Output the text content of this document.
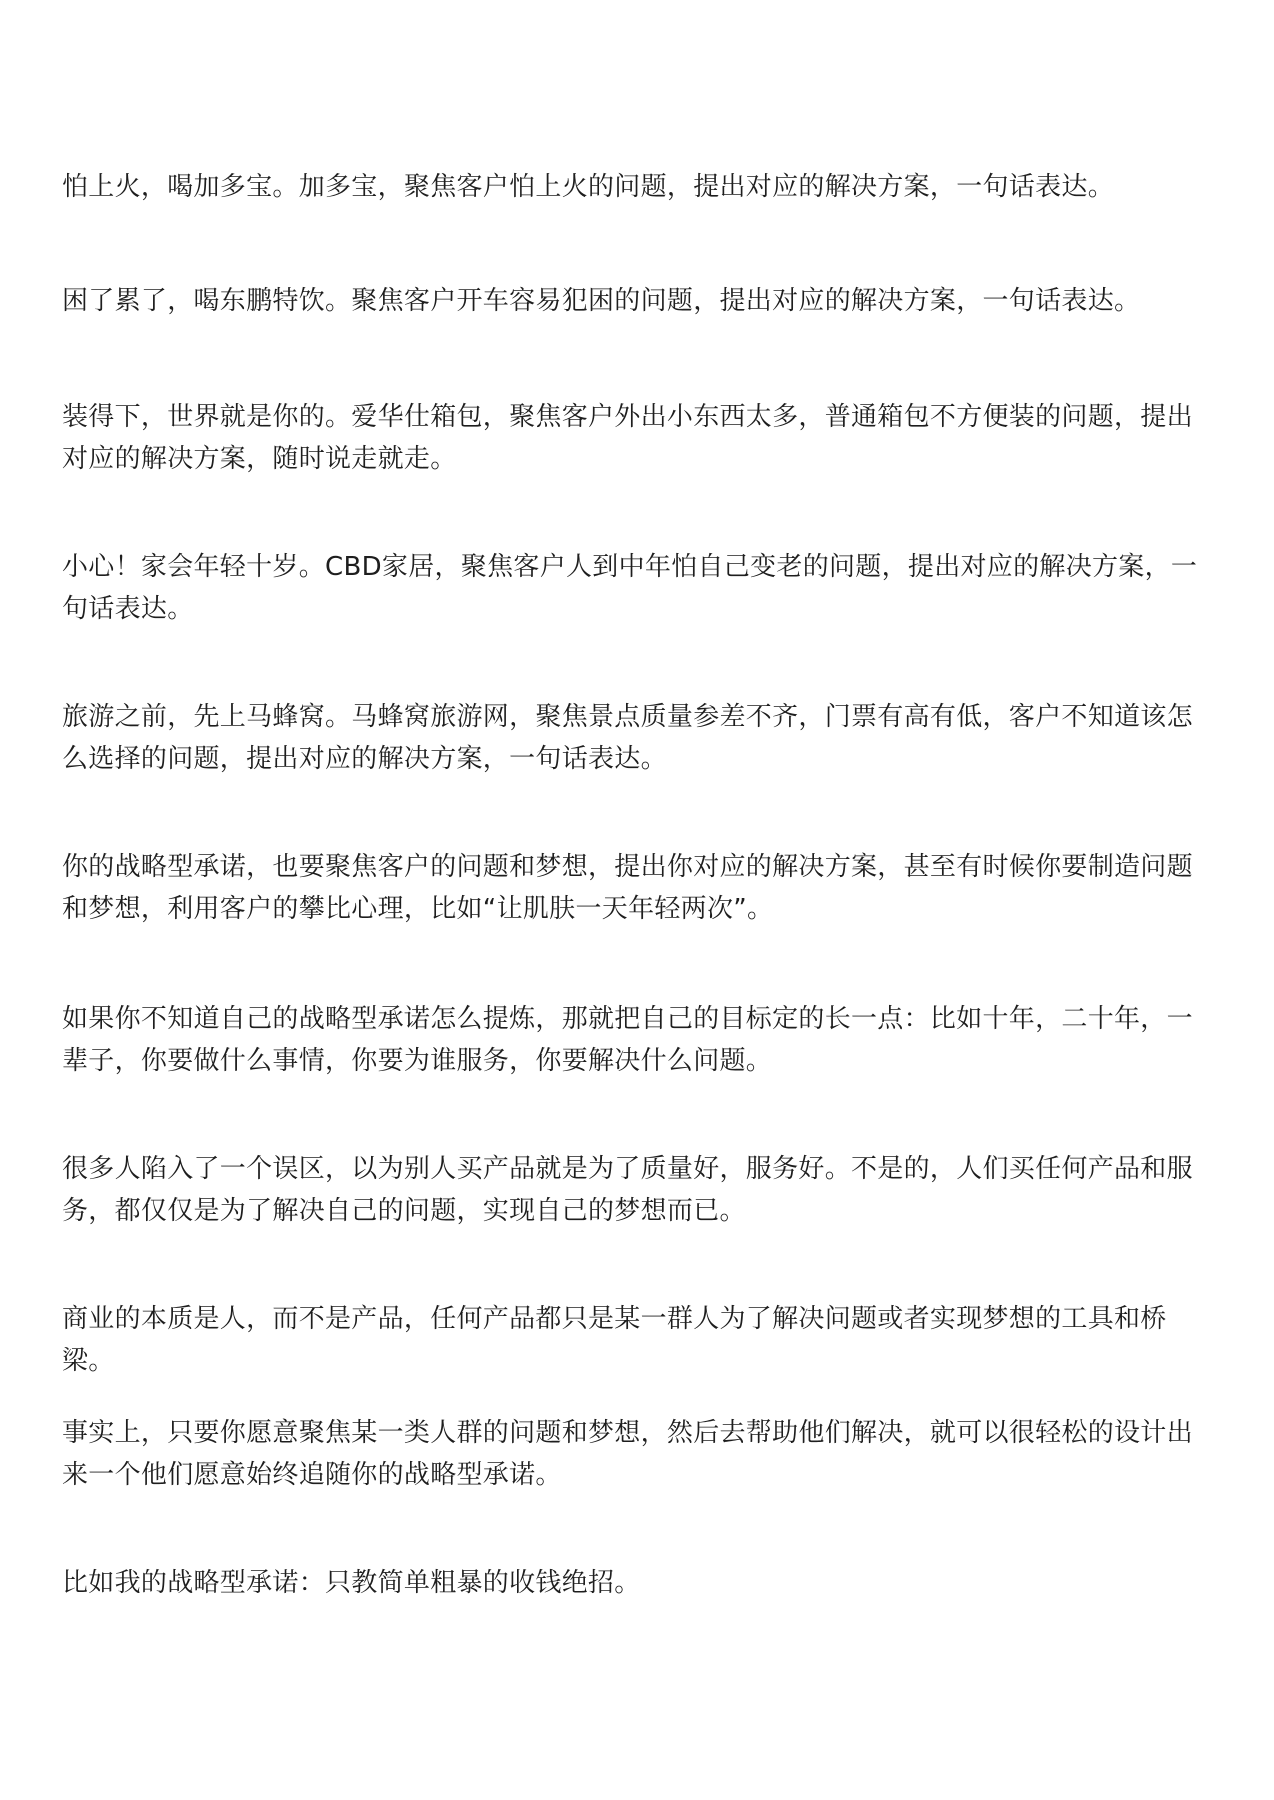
怕上火，喝加多宝。加多宝，聚焦客户怕上火的问题，提出对应的解决方案，一句话表达。

困了累了，喝东鹏特饮。聚焦客户开车容易犯困的问题，提出对应的解决方案，一句话表达。

装得下，世界就是你的。爱华仕箱包，聚焦客户外出小东西太多，普通箱包不方便装的问题，提出对应的解决方案，随时说走就走。

小心！家会年轻十岁。CBD家居，聚焦客户人到中年怕自己变老的问题，提出对应的解决方案，一句话表达。

旅游之前，先上马蜂窝。马蜂窝旅游网，聚焦景点质量参差不齐，门票有高有低，客户不知道该怎么选择的问题，提出对应的解决方案，一句话表达。

你的战略型承诺，也要聚焦客户的问题和梦想，提出你对应的解决方案，甚至有时候你要制造问题和梦想，利用客户的攀比心理，比如“让肌肤一天年轻两次”。

如果你不知道自己的战略型承诺怎么提炼，那就把自己的目标定的长一点：比如十年，二十年，一辈子，你要做什么事情，你要为谁服务，你要解决什么问题。

很多人陷入了一个误区，以为别人买产品就是为了质量好，服务好。不是的，人们买任何产品和服务，都仅仅是为了解决自己的问题，实现自己的梦想而已。

商业的本质是人，而不是产品，任何产品都只是某一群人为了解决问题或者实现梦想的工具和桥梁。

事实上，只要你愿意聚焦某一类人群的问题和梦想，然后去帮助他们解决，就可以很轻松的设计出来一个他们愿意始终追随你的战略型承诺。

比如我的战略型承诺：只教简单粗暴的收钱绝招。
